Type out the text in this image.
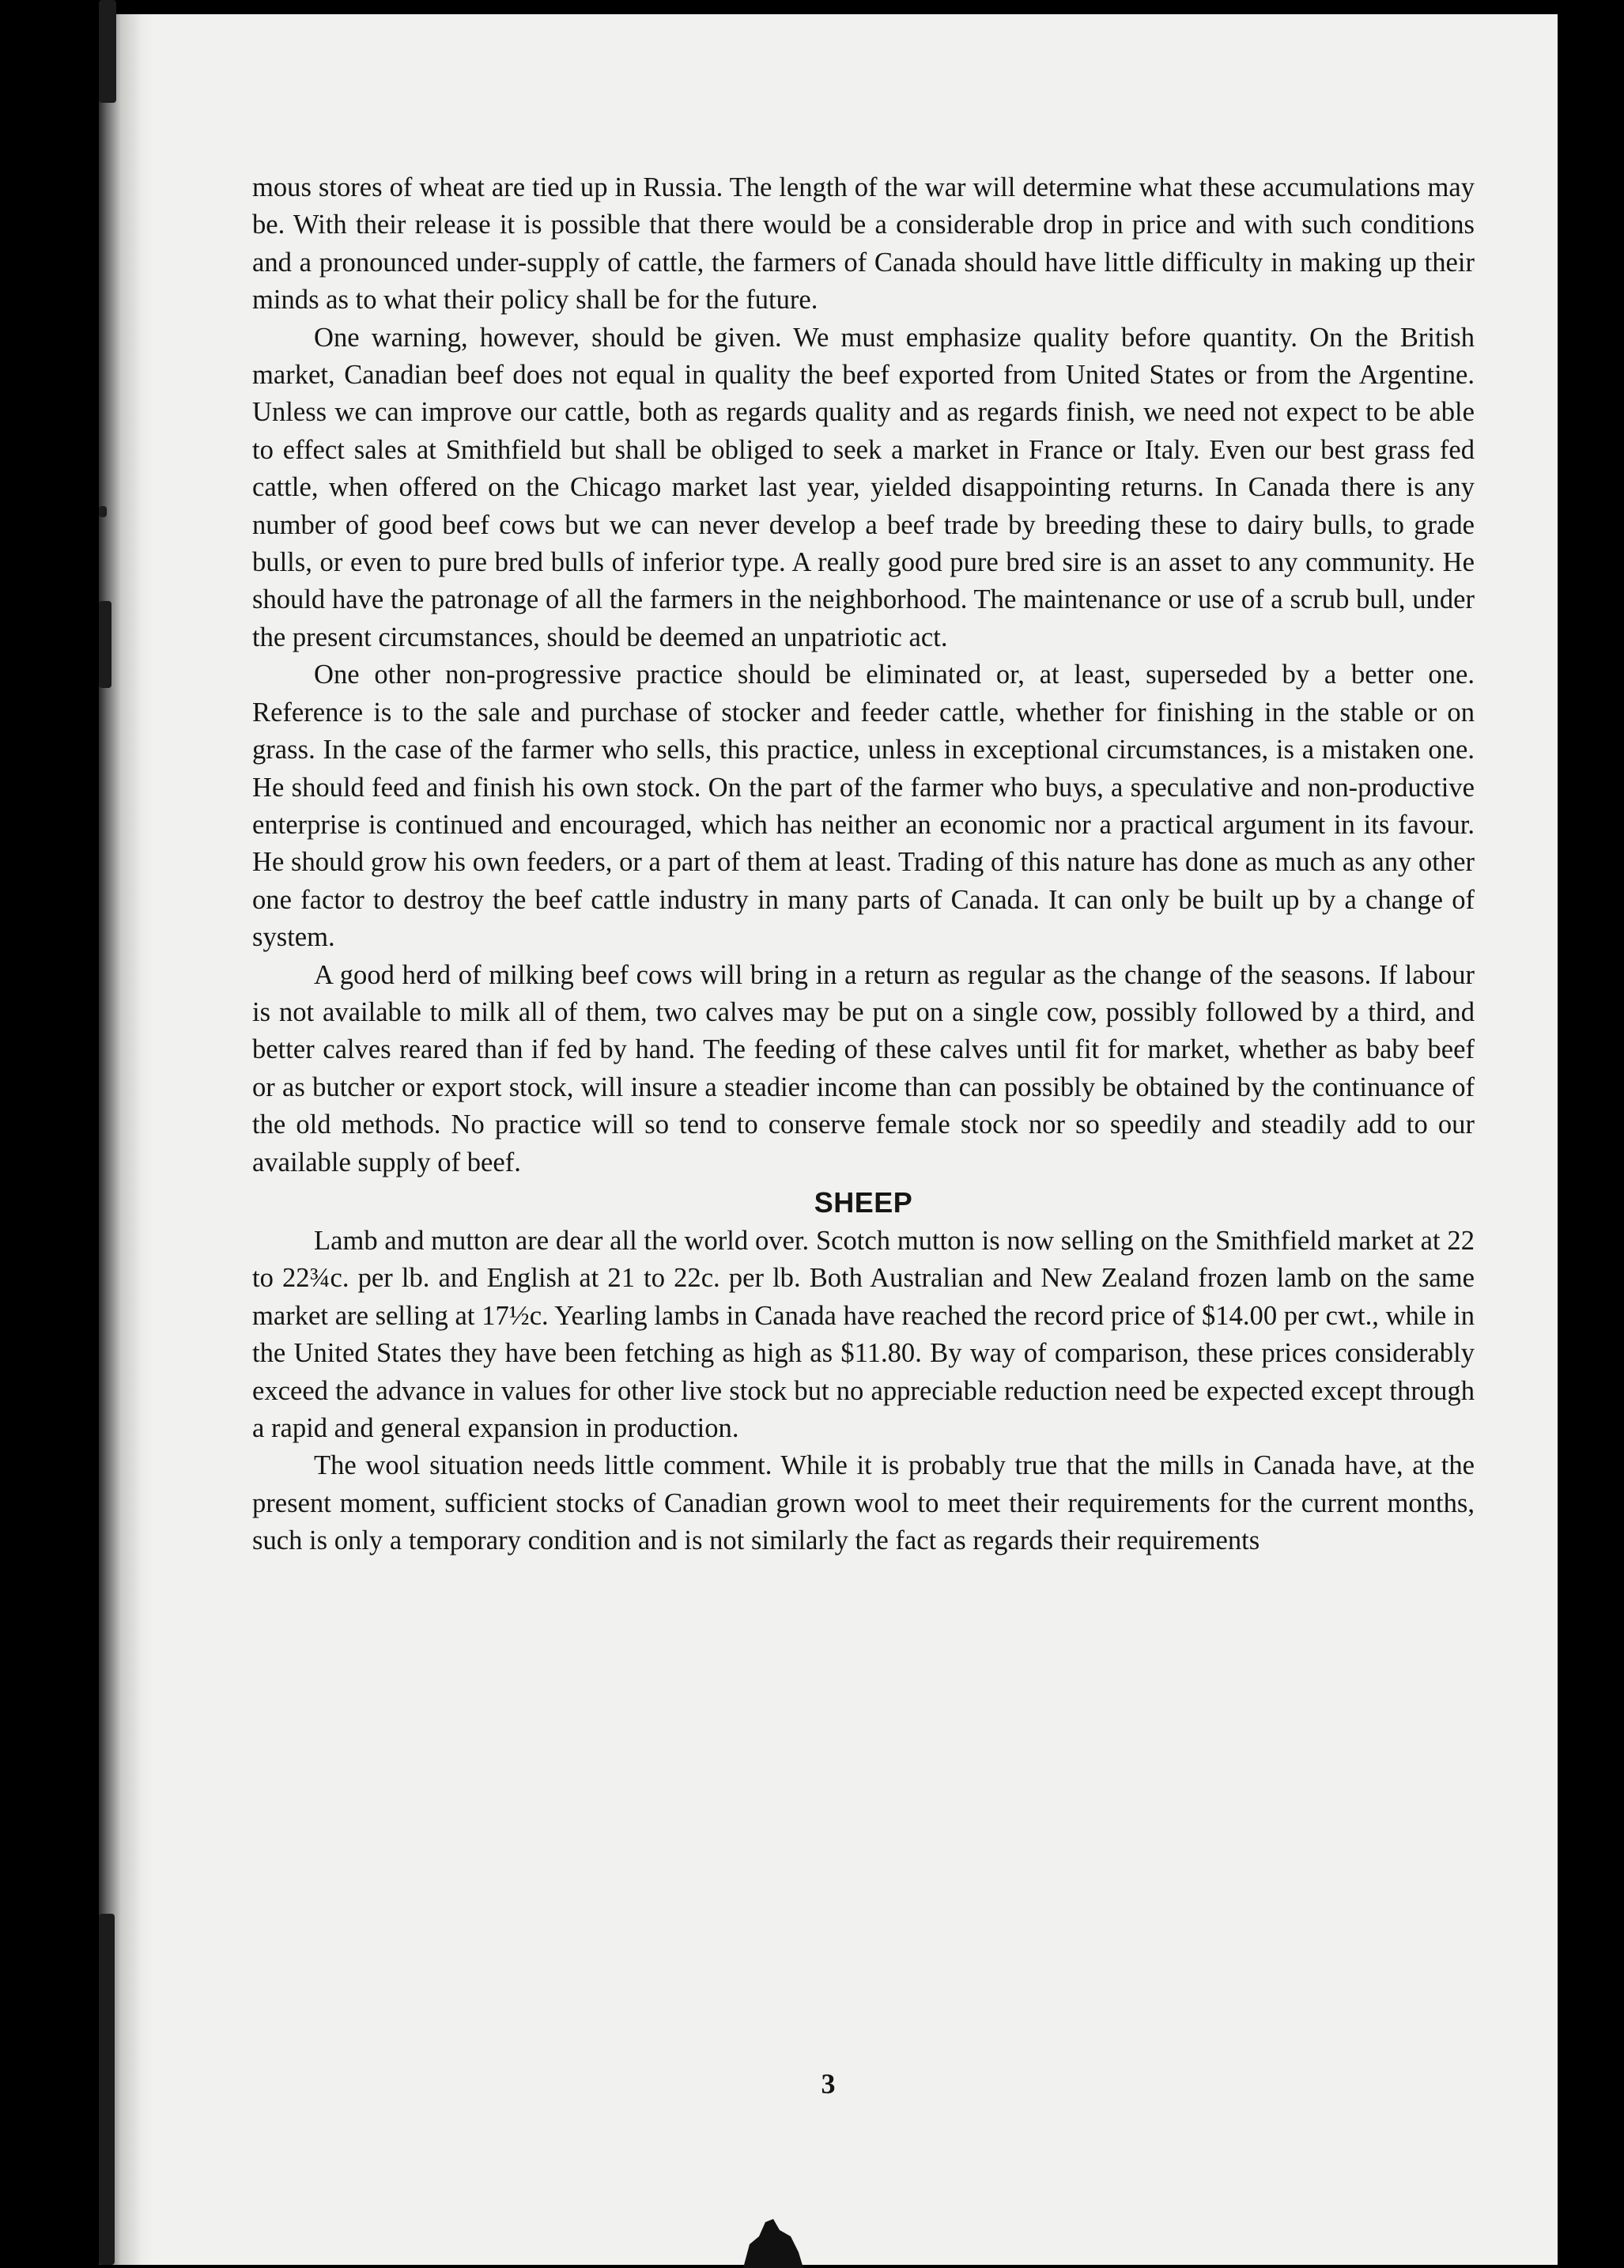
mous stores of wheat are tied up in Russia. The length of the war will determine what these accumulations may be. With their release it is possible that there would be a considerable drop in price and with such conditions and a pronounced under-supply of cattle, the farmers of Canada should have little difficulty in making up their minds as to what their policy shall be for the future.

One warning, however, should be given. We must emphasize quality before quantity. On the British market, Canadian beef does not equal in quality the beef exported from United States or from the Argentine. Unless we can improve our cattle, both as regards quality and as regards finish, we need not expect to be able to effect sales at Smithfield but shall be obliged to seek a market in France or Italy. Even our best grass fed cattle, when offered on the Chicago market last year, yielded disappointing returns. In Canada there is any number of good beef cows but we can never develop a beef trade by breeding these to dairy bulls, to grade bulls, or even to pure bred bulls of inferior type. A really good pure bred sire is an asset to any community. He should have the patronage of all the farmers in the neighborhood. The maintenance or use of a scrub bull, under the present circumstances, should be deemed an unpatriotic act.

One other non-progressive practice should be eliminated or, at least, superseded by a better one. Reference is to the sale and purchase of stocker and feeder cattle, whether for finishing in the stable or on grass. In the case of the farmer who sells, this practice, unless in exceptional circumstances, is a mistaken one. He should feed and finish his own stock. On the part of the farmer who buys, a speculative and non-productive enterprise is continued and encouraged, which has neither an economic nor a practical argument in its favour. He should grow his own feeders, or a part of them at least. Trading of this nature has done as much as any other one factor to destroy the beef cattle industry in many parts of Canada. It can only be built up by a change of system.

A good herd of milking beef cows will bring in a return as regular as the change of the seasons. If labour is not available to milk all of them, two calves may be put on a single cow, possibly followed by a third, and better calves reared than if fed by hand. The feeding of these calves until fit for market, whether as baby beef or as butcher or export stock, will insure a steadier income than can possibly be obtained by the continuance of the old methods. No practice will so tend to conserve female stock nor so speedily and steadily add to our available supply of beef.

SHEEP

Lamb and mutton are dear all the world over. Scotch mutton is now selling on the Smithfield market at 22 to 22¾c. per lb. and English at 21 to 22c. per lb. Both Australian and New Zealand frozen lamb on the same market are selling at 17½c. Yearling lambs in Canada have reached the record price of $14.00 per cwt., while in the United States they have been fetching as high as $11.80. By way of comparison, these prices considerably exceed the advance in values for other live stock but no appreciable reduction need be expected except through a rapid and general expansion in production.

The wool situation needs little comment. While it is probably true that the mills in Canada have, at the present moment, sufficient stocks of Canadian grown wool to meet their requirements for the current months, such is only a temporary condition and is not similarly the fact as regards their requirements

3
